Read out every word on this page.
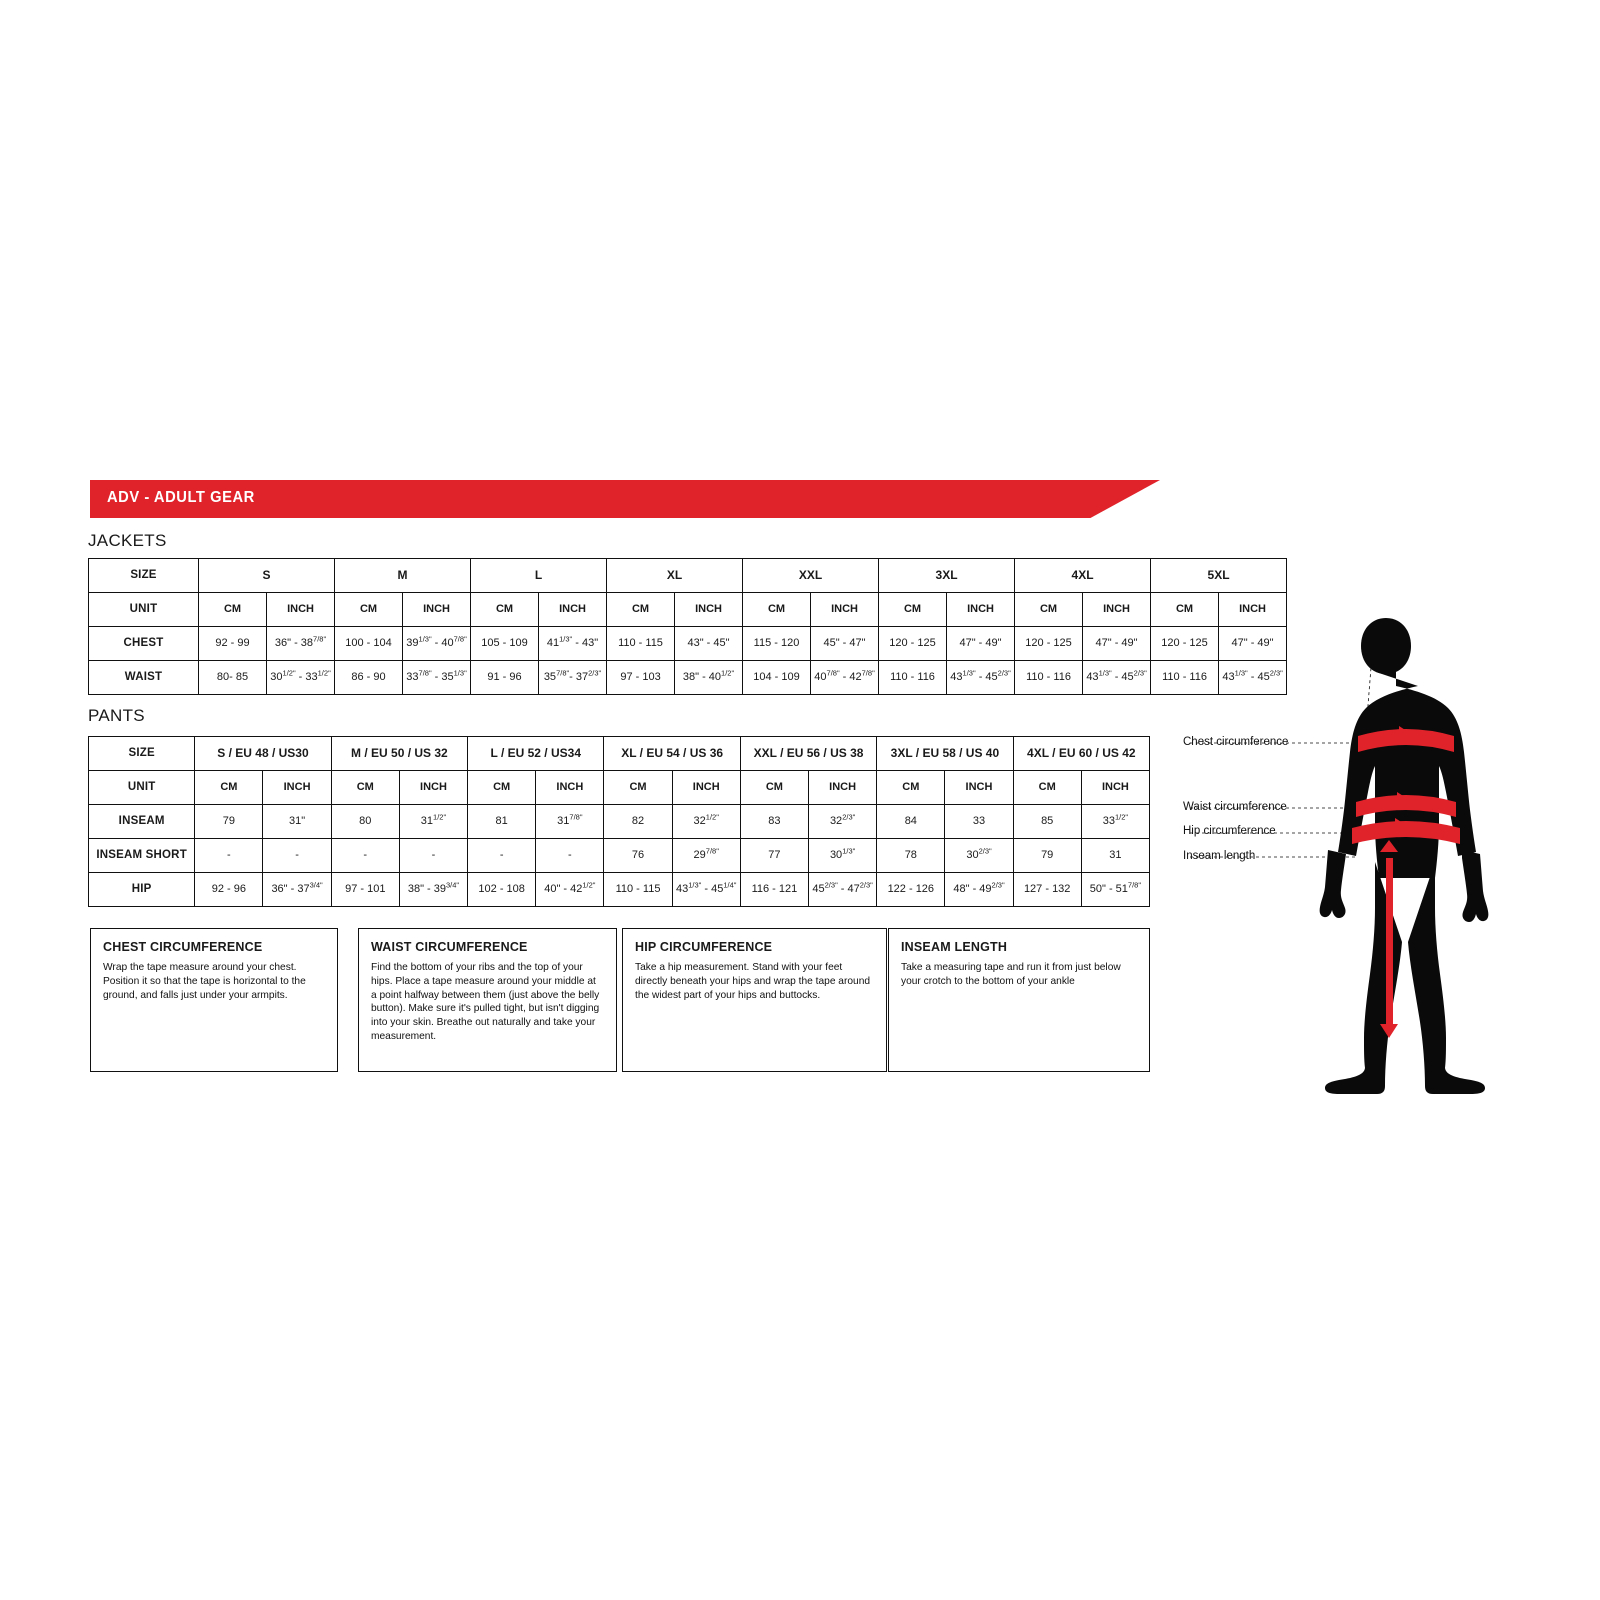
ADV - ADULT GEAR
JACKETS
PANTS
SIZE	S		M		L		XL		XXL		3XL		4XL		5XL	
UNIT	CM	INCH	CM	INCH	CM	INCH	CM	INCH	CM	INCH	CM	INCH	CM	INCH	CM	INCH
CHEST	92 - 99	36" - $38^{7/8"}$	100 - 104	$39^{1/3"} - 40^{7/8"}$	105 - 109	$41^{1/3"} - 43$"	110 - 115	43" - 45"	115 - 120	45" - 47"	120 - 125	47" - 49"	120 - 125	47" - 49"	120 - 125	47" - 49"
WAIST	80- 85	$30^{1/2"} - 33^{1/2"}$	86 - 90	$33^{7/8"} - 35^{1/3"}$	91 - 96	$35^{7/8"}-$ $37^{2/3"}$	97 - 103	38" - $40^{1/2"}$	104 - 109	$40^{7/8"} - 42^{7/8"}$	110 - 116	$43^{1/3"} - 45^{2/3"}$	110 - 116	$43^{1/3"} - 45^{2/3"}$	110 - 116	$43^{1/3"} - 45^{2/3"}$
SIZE	S / EU 48 / US30		M / EU 50 / US 32		L / EU 52 / US34		XL / EU 54 / US 36		XXL / EU 56 / US 38		3XL / EU 58 / US 40		4XL / EU 60 / US 42	
UNIT	CM	INCH	CM	INCH	CM	INCH	CM	INCH	CM	INCH	CM	INCH	CM	INCH
INSEAM	79	31"	80	$31^{1/2"}$	81	$31^{7/8"}$	82	$32^{1/2"}$	83	$32^{2/3"}$	84	33	85	$33^{1/2"}$
INSEAM SHORT	-	-	-	-	-	-	76	$29^{7/8"}$	77	$30^{1/3"}$	78	$30^{2/3"}$	79	31
HIP	92 - 96	36" - $37^{3/4"}$	97 - 101	38" - $39^{3/4"}$	102 - 108	40" - $42^{1/2"}$	110 - 115	$43^{1/3"} - 45^{1/4"}$	116 - 121	$45^{2/3"} - 47^{2/3"}$	122 - 126	48" - $49^{2/3"}$	127 - 132	50" - $51^{7/8"}$
CHEST CIRCUMFERENCE

Wrap the tape measure around your chest. Position it so that the tape is horizontal to the ground, and falls just under your armpits.

WAIST CIRCUMFERENCE

Find the bottom of your ribs and the top of your hips. Place a tape measure around your middle at a point halfway between them (just above the belly button). Make sure it's pulled tight, but isn't digging into your skin. Breathe out naturally and take your measurement.

HIP CIRCUMFERENCE

Take a hip measurement. Stand with your feet directly beneath your hips and wrap the tape around the widest part of your hips and buttocks.

INSEAM LENGTH

Take a measuring tape and run it from just below your crotch to the bottom of your ankle

Chest circumference
Waist circumference
Hip circumference
Inseam length
